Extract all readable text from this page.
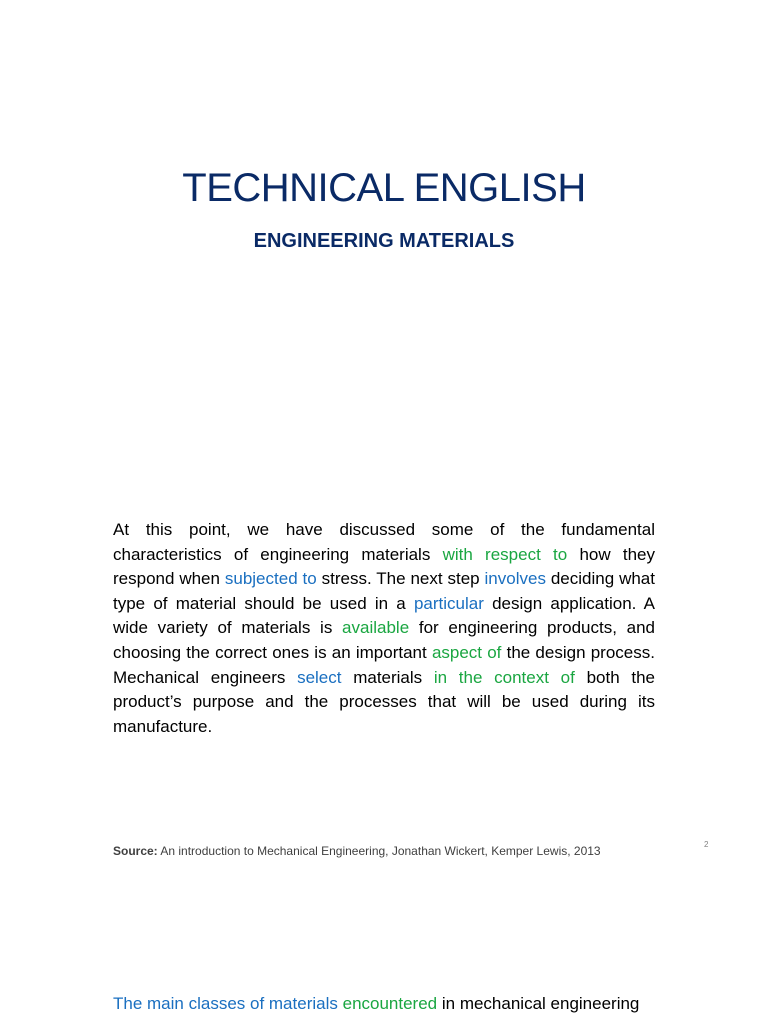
TECHNICAL ENGLISH
ENGINEERING MATERIALS
At this point, we have discussed some of the fundamental characteristics of engineering materials with respect to how they respond when subjected to stress. The next step involves deciding what type of material should be used in a particular design application. A wide variety of materials is available for engineering products, and choosing the correct ones is an important aspect of the design process. Mechanical engineers select materials in the context of both the product’s purpose and the processes that will be used during its manufacture.
Source: An introduction to Mechanical Engineering, Jonathan Wickert, Kemper Lewis, 2013	2
The main classes of materials encountered in mechanical engineering
